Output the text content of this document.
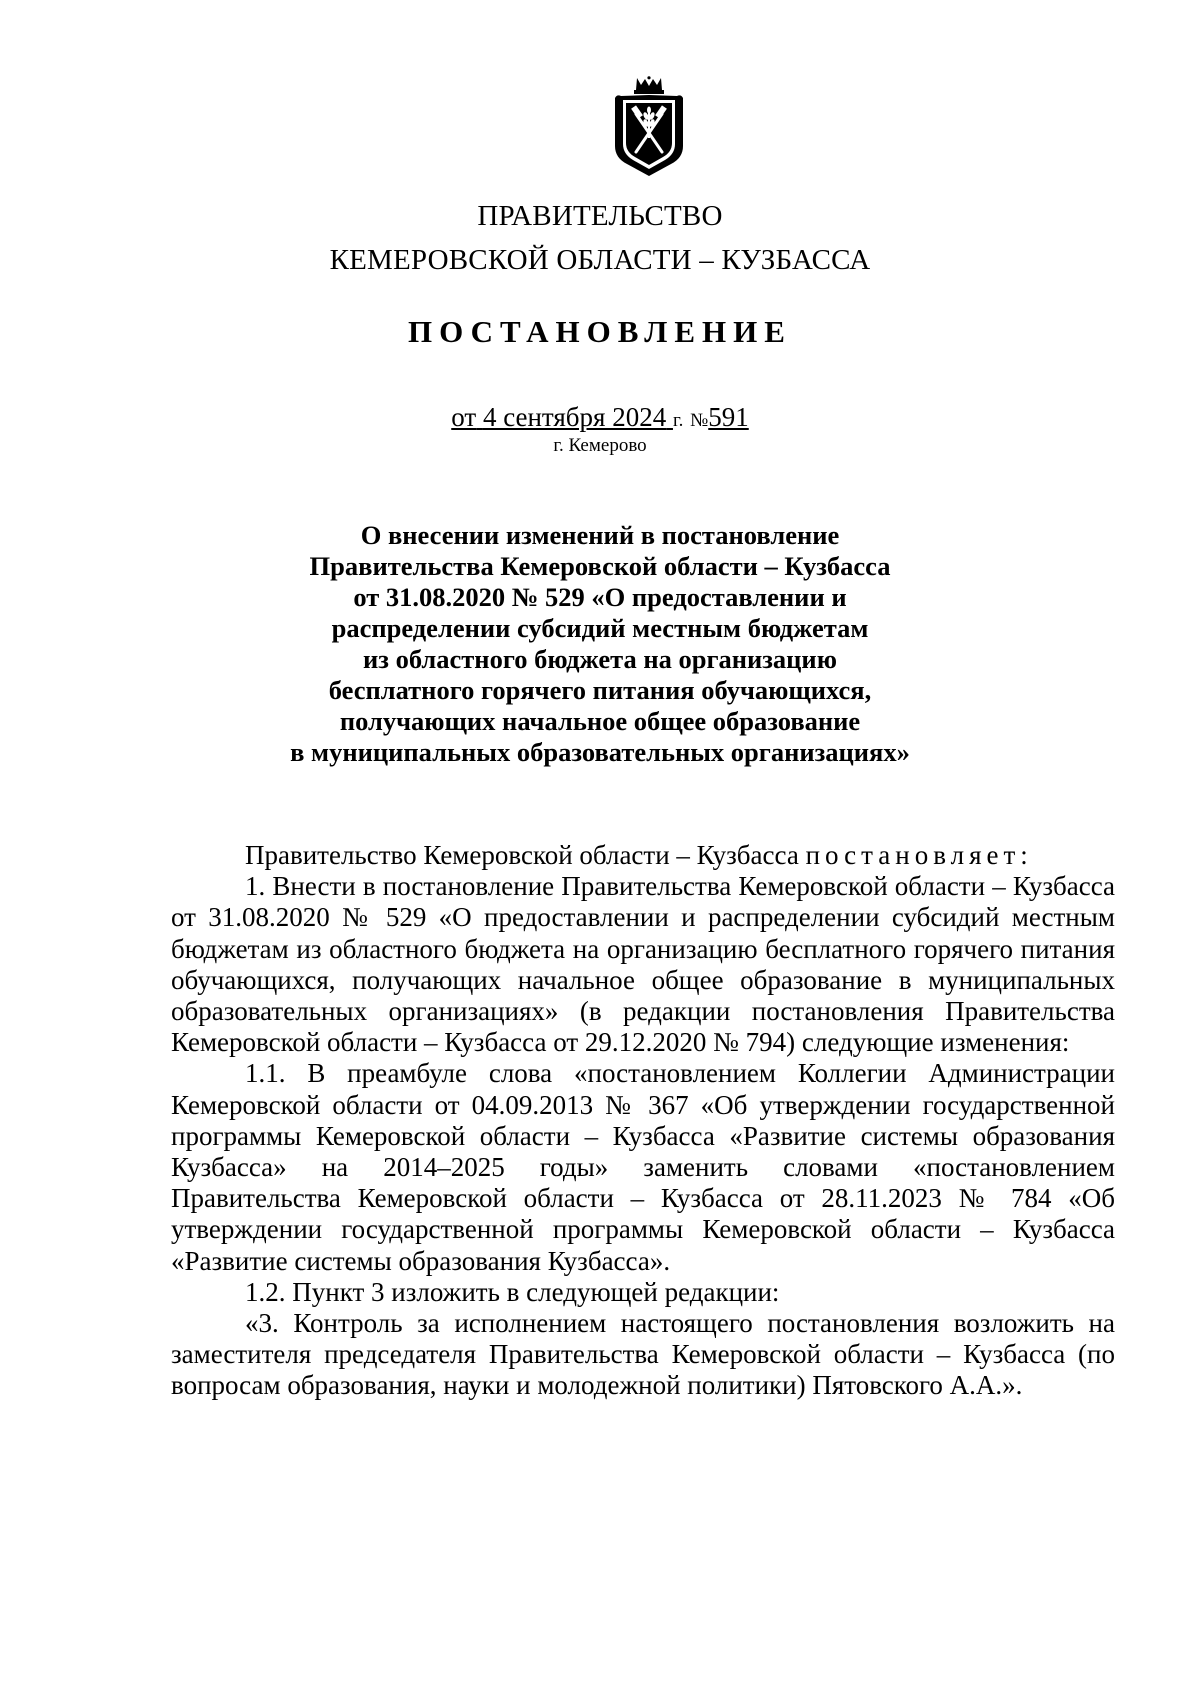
ПРАВИТЕЛЬСТВО
КЕМЕРОВСКОЙ ОБЛАСТИ – КУЗБАССА
ПОСТАНОВЛЕНИЕ
от 4 сентября 2024 г. №591
г. Кемерово
О внесении изменений в постановление
Правительства Кемеровской области – Кузбасса
от 31.08.2020 № 529 «О предоставлении и
распределении субсидий местным бюджетам
из областного бюджета на организацию
бесплатного горячего питания обучающихся,
получающих начальное общее образование
в муниципальных образовательных организациях»

Правительство Кемеровской области – Кузбасса постановляет:

1. Внести в постановление Правительства Кемеровской области – Кузбасса от 31.08.2020 № 529 «О предоставлении и распределении субсидий местным бюджетам из областного бюджета на организацию бесплатного горячего питания обучающихся, получающих начальное общее образование в муниципальных образовательных организациях» (в редакции постановления Правительства Кемеровской области – Кузбасса от 29.12.2020 № 794) следующие изменения:

1.1. В преамбуле слова «постановлением Коллегии Администрации Кемеровской области от 04.09.2013 № 367 «Об утверждении государственной программы Кемеровской области – Кузбасса «Развитие системы образования Кузбасса» на 2014–2025 годы» заменить словами «постановлением Правительства Кемеровской области – Кузбасса от 28.11.2023 № 784 «Об утверждении государственной программы Кемеровской области – Кузбасса «Развитие системы образования Кузбасса».

1.2. Пункт 3 изложить в следующей редакции:

«3. Контроль за исполнением настоящего постановления возложить на заместителя председателя Правительства Кемеровской области – Кузбасса (по вопросам образования, науки и молодежной политики) Пятовского А.А.».
